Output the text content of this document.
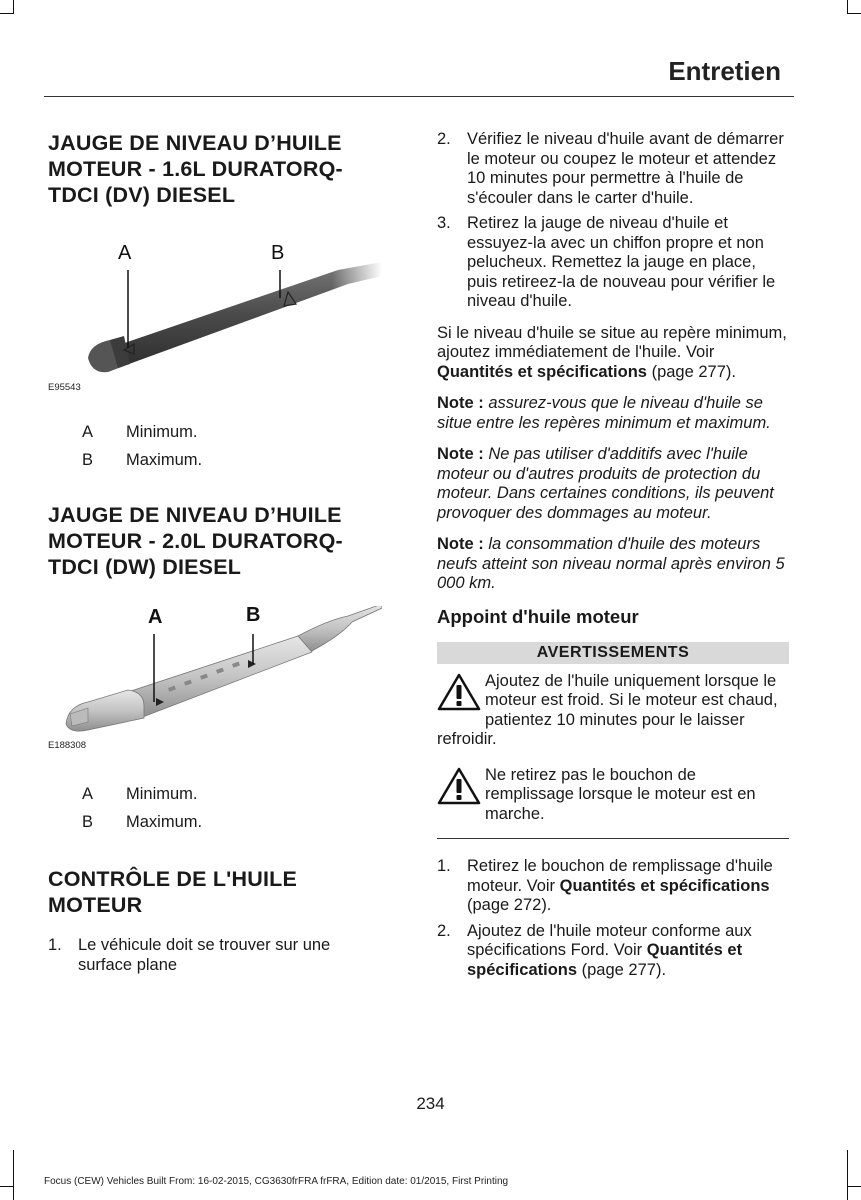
Entretien
JAUGE DE NIVEAU D’HUILE MOTEUR - 1.6L DURATORQ-TDCI (DV) DIESEL
A	B
E95543
A	Minimum.
B	Maximum.
JAUGE DE NIVEAU D’HUILE MOTEUR - 2.0L DURATORQ-TDCI (DW) DIESEL
A	B
E188308
A	Minimum.
B	Maximum.
CONTRÔLE DE L'HUILE MOTEUR
1. Le véhicule doit se trouver sur une surface plane
2. Vérifiez le niveau d'huile avant de démarrer le moteur ou coupez le moteur et attendez 10 minutes pour permettre à l'huile de s'écouler dans le carter d'huile.
3. Retirez la jauge de niveau d'huile et essuyez-la avec un chiffon propre et non pelucheux. Remettez la jauge en place, puis retireez-la de nouveau pour vérifier le niveau d'huile.

Si le niveau d'huile se situe au repère minimum, ajoutez immédiatement de l'huile. Voir Quantités et spécifications (page 277).

Note : assurez-vous que le niveau d'huile se situe entre les repères minimum et maximum.

Note : Ne pas utiliser d'additifs avec l'huile moteur ou d'autres produits de protection du moteur. Dans certaines conditions, ils peuvent provoquer des dommages au moteur.

Note : la consommation d'huile des moteurs neufs atteint son niveau normal après environ 5 000 km.

Appoint d'huile moteur
AVERTISSEMENTS
Ajoutez de l'huile uniquement lorsque le moteur est froid. Si le moteur est chaud, patientez 10 minutes pour le laisser refroidir.
Ne retirez pas le bouchon de remplissage lorsque le moteur est en marche.
1. Retirez le bouchon de remplissage d'huile moteur. Voir Quantités et spécifications (page 272).
2. Ajoutez de l'huile moteur conforme aux spécifications Ford. Voir Quantités et spécifications (page 277).
234
Focus (CEW) Vehicles Built From: 16-02-2015, CG3630frFRA frFRA, Edition date: 01/2015, First Printing
